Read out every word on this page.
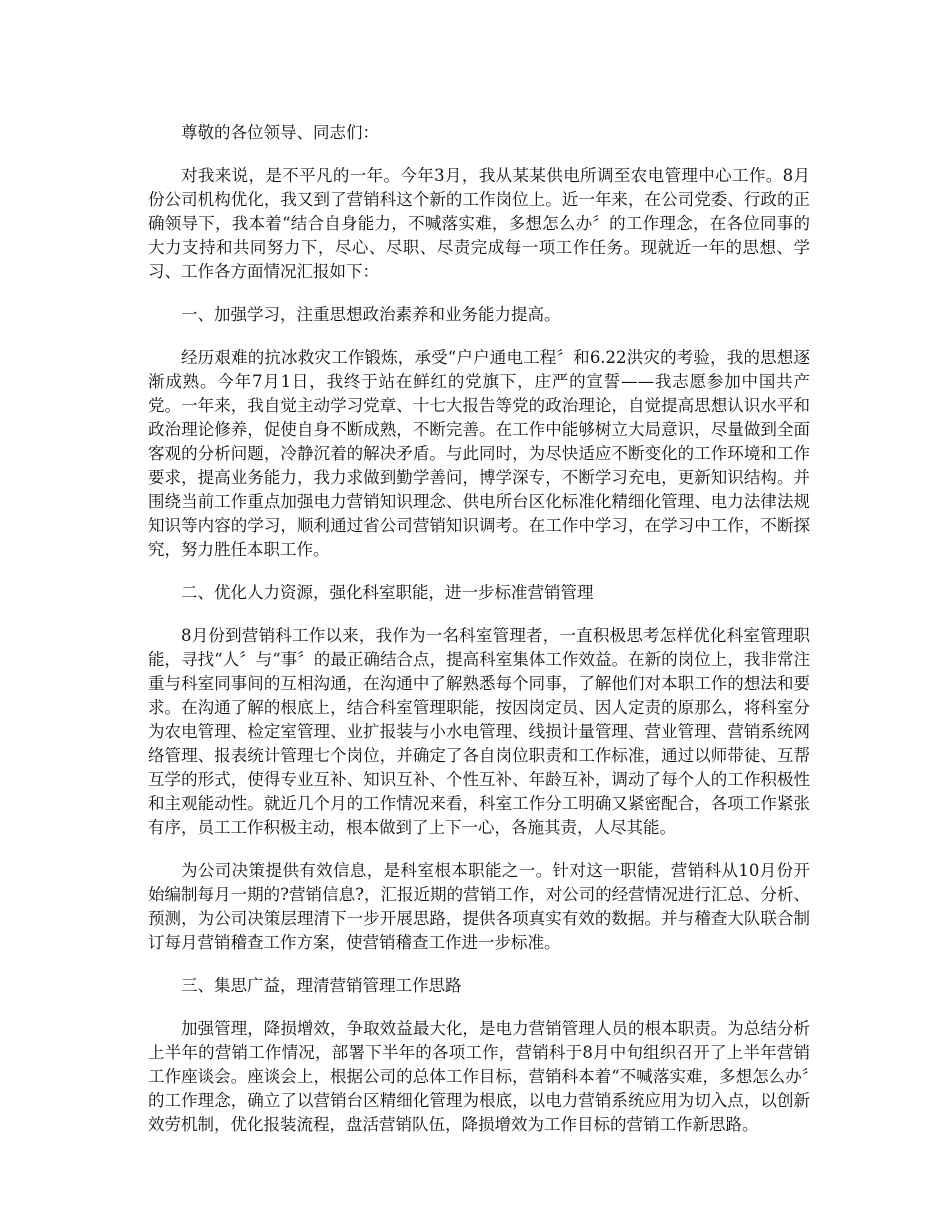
尊敬的各位领导、同志们：

对我来说，是不平凡的一年。今年3月，我从某某供电所调至农电管理中心工作。8月份公司机构优化，我又到了营销科这个新的工作岗位上。近一年来，在公司党委、行政的正确领导下，我本着“结合自身能力，不喊落实难，多想怎么办〞的工作理念，在各位同事的大力支持和共同努力下，尽心、尽职、尽责完成每一项工作任务。现就近一年的思想、学习、工作各方面情况汇报如下：

一、加强学习，注重思想政治素养和业务能力提高。

经历艰难的抗冰救灾工作锻炼，承受“户户通电工程〞和6.22洪灾的考验，我的思想逐渐成熟。今年7月1日，我终于站在鲜红的党旗下，庄严的宣誓——我志愿参加中国共产党。一年来，我自觉主动学习党章、十七大报告等党的政治理论，自觉提高思想认识水平和政治理论修养，促使自身不断成熟，不断完善。在工作中能够树立大局意识，尽量做到全面客观的分析问题，冷静沉着的解决矛盾。与此同时，为尽快适应不断变化的工作环境和工作要求，提高业务能力，我力求做到勤学善问，博学深专，不断学习充电，更新知识结构。并围绕当前工作重点加强电力营销知识理念、供电所台区化标准化精细化管理、电力法律法规知识等内容的学习，顺利通过省公司营销知识调考。在工作中学习，在学习中工作，不断探究，努力胜任本职工作。

二、优化人力资源，强化科室职能，进一步标准营销管理

8月份到营销科工作以来，我作为一名科室管理者，一直积极思考怎样优化科室管理职能，寻找“人〞与“事〞的最正确结合点，提高科室集体工作效益。在新的岗位上，我非常注重与科室同事间的互相沟通，在沟通中了解熟悉每个同事，了解他们对本职工作的想法和要求。在沟通了解的根底上，结合科室管理职能，按因岗定员、因人定责的原那么，将科室分为农电管理、检定室管理、业扩报装与小水电管理、线损计量管理、营业管理、营销系统网络管理、报表统计管理七个岗位，并确定了各自岗位职责和工作标准，通过以师带徒、互帮互学的形式，使得专业互补、知识互补、个性互补、年龄互补，调动了每个人的工作积极性和主观能动性。就近几个月的工作情况来看，科室工作分工明确又紧密配合，各项工作紧张有序，员工工作积极主动，根本做到了上下一心，各施其责，人尽其能。

为公司决策提供有效信息，是科室根本职能之一。针对这一职能，营销科从10月份开始编制每月一期的?营销信息?，汇报近期的营销工作，对公司的经营情况进行汇总、分析、预测，为公司决策层理清下一步开展思路，提供各项真实有效的数据。并与稽查大队联合制订每月营销稽查工作方案，使营销稽查工作进一步标准。

三、集思广益，理清营销管理工作思路

加强管理，降损增效，争取效益最大化，是电力营销管理人员的根本职责。为总结分析上半年的营销工作情况，部署下半年的各项工作，营销科于8月中旬组织召开了上半年营销工作座谈会。座谈会上，根据公司的总体工作目标，营销科本着“不喊落实难，多想怎么办〞的工作理念，确立了以营销台区精细化管理为根底，以电力营销系统应用为切入点，以创新效劳机制，优化报装流程，盘活营销队伍，降损增效为工作目标的营销工作新思路。
